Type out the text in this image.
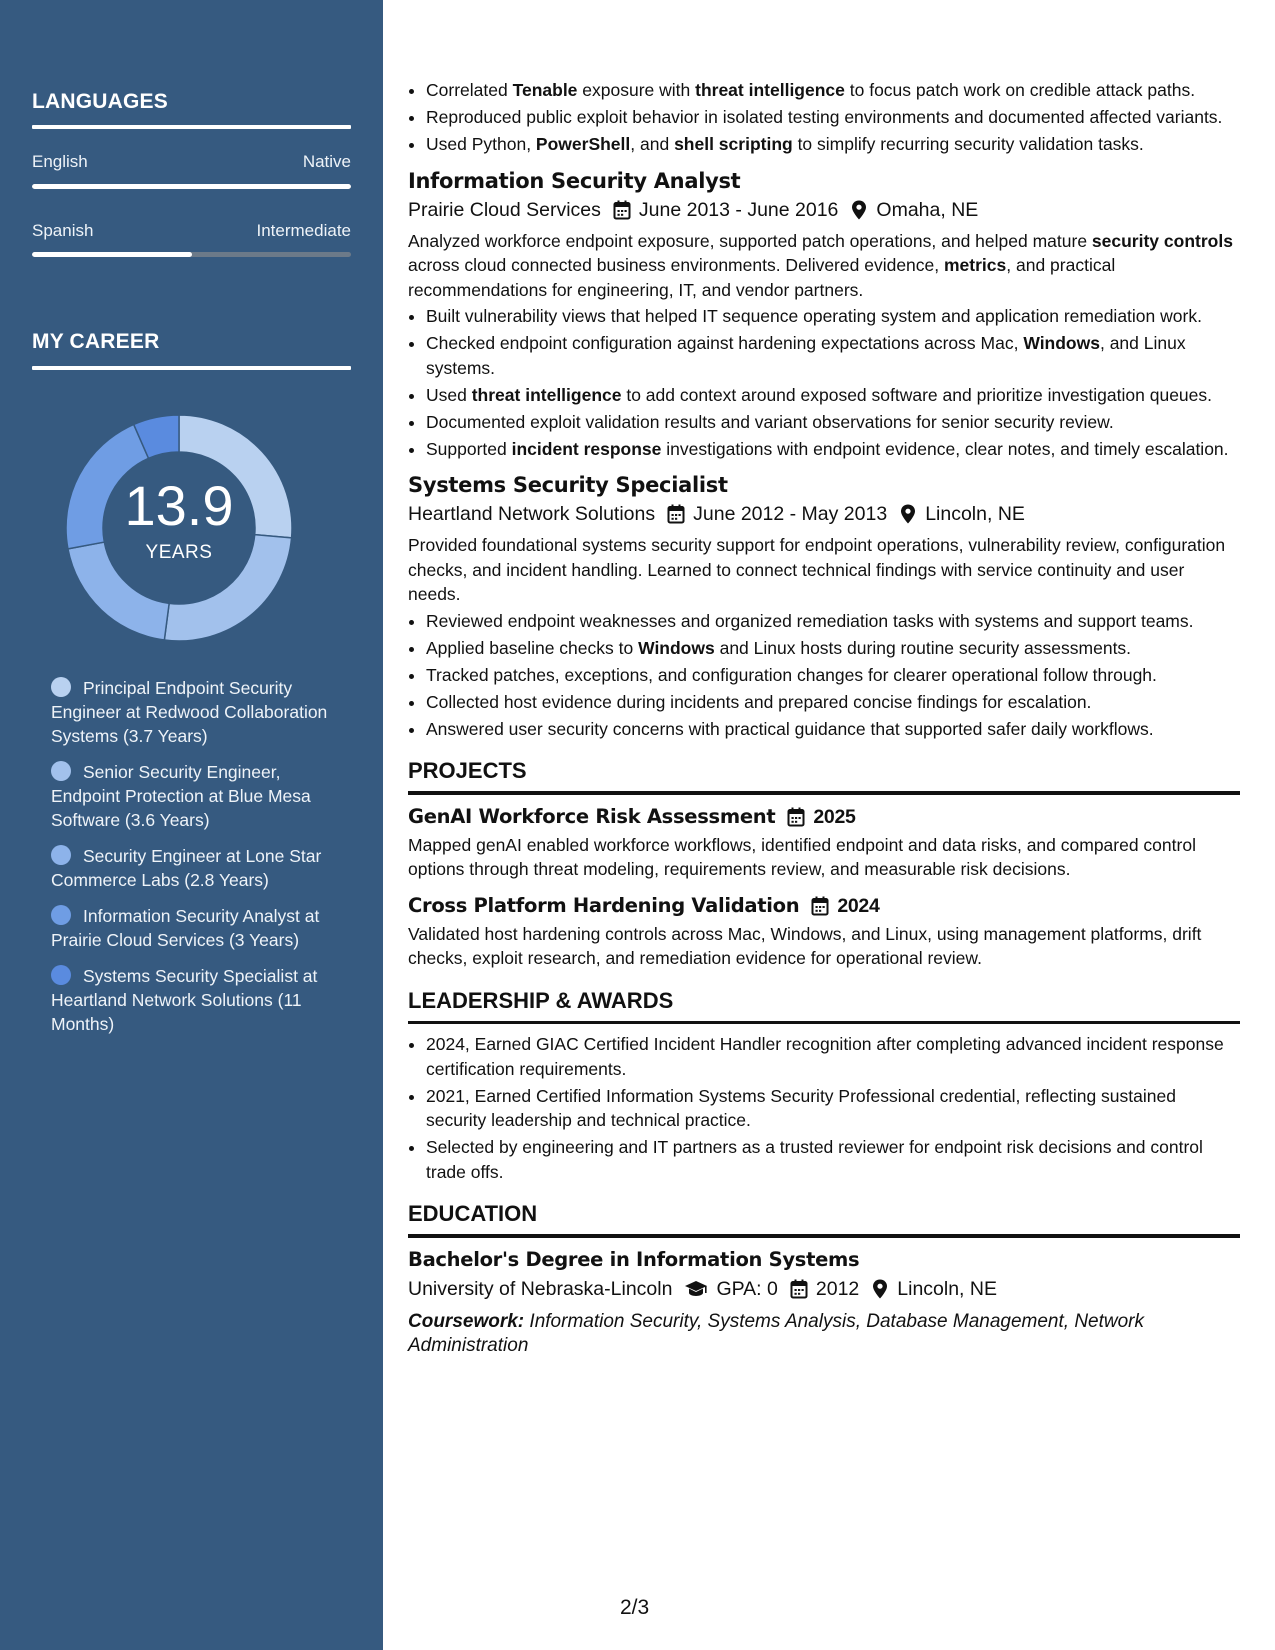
LANGUAGES
English	Native
Spanish	Intermediate
MY CAREER
13.9
YEARS
Principal Endpoint Security Engineer at Redwood Collaboration Systems (3.7 Years)
Senior Security Engineer, Endpoint Protection at Blue Mesa Software (3.6 Years)
Security Engineer at Lone Star Commerce Labs (2.8 Years)
Information Security Analyst at Prairie Cloud Services (3 Years)
Systems Security Specialist at Heartland Network Solutions (11 Months)
• Correlated Tenable exposure with threat intelligence to focus patch work on credible attack paths.
• Reproduced public exploit behavior in isolated testing environments and documented affected variants.
• Used Python, PowerShell, and shell scripting to simplify recurring security validation tasks.
Information Security Analyst
Prairie Cloud Services June 2013 - June 2016 Omaha, NE
Analyzed workforce endpoint exposure, supported patch operations, and helped mature security controls across cloud connected business environments. Delivered evidence, metrics, and practical recommendations for engineering, IT, and vendor partners.
• Built vulnerability views that helped IT sequence operating system and application remediation work.
• Checked endpoint configuration against hardening expectations across Mac, Windows, and Linux systems.
• Used threat intelligence to add context around exposed software and prioritize investigation queues.
• Documented exploit validation results and variant observations for senior security review.
• Supported incident response investigations with endpoint evidence, clear notes, and timely escalation.
Systems Security Specialist
Heartland Network Solutions June 2012 - May 2013 Lincoln, NE
Provided foundational systems security support for endpoint operations, vulnerability review, configuration checks, and incident handling. Learned to connect technical findings with service continuity and user needs.
• Reviewed endpoint weaknesses and organized remediation tasks with systems and support teams.
• Applied baseline checks to Windows and Linux hosts during routine security assessments.
• Tracked patches, exceptions, and configuration changes for clearer operational follow through.
• Collected host evidence during incidents and prepared concise findings for escalation.
• Answered user security concerns with practical guidance that supported safer daily workflows.
PROJECTS
GenAI Workforce Risk Assessment 2025
Mapped genAI enabled workforce workflows, identified endpoint and data risks, and compared control options through threat modeling, requirements review, and measurable risk decisions.
Cross Platform Hardening Validation 2024
Validated host hardening controls across Mac, Windows, and Linux, using management platforms, drift checks, exploit research, and remediation evidence for operational review.
LEADERSHIP & AWARDS
• 2024, Earned GIAC Certified Incident Handler recognition after completing advanced incident response certification requirements.
• 2021, Earned Certified Information Systems Security Professional credential, reflecting sustained security leadership and technical practice.
• Selected by engineering and IT partners as a trusted reviewer for endpoint risk decisions and control trade offs.
EDUCATION
Bachelor's Degree in Information Systems
University of Nebraska-Lincoln GPA: 0 2012 Lincoln, NE
Coursework: Information Security, Systems Analysis, Database Management, Network Administration
2/3
